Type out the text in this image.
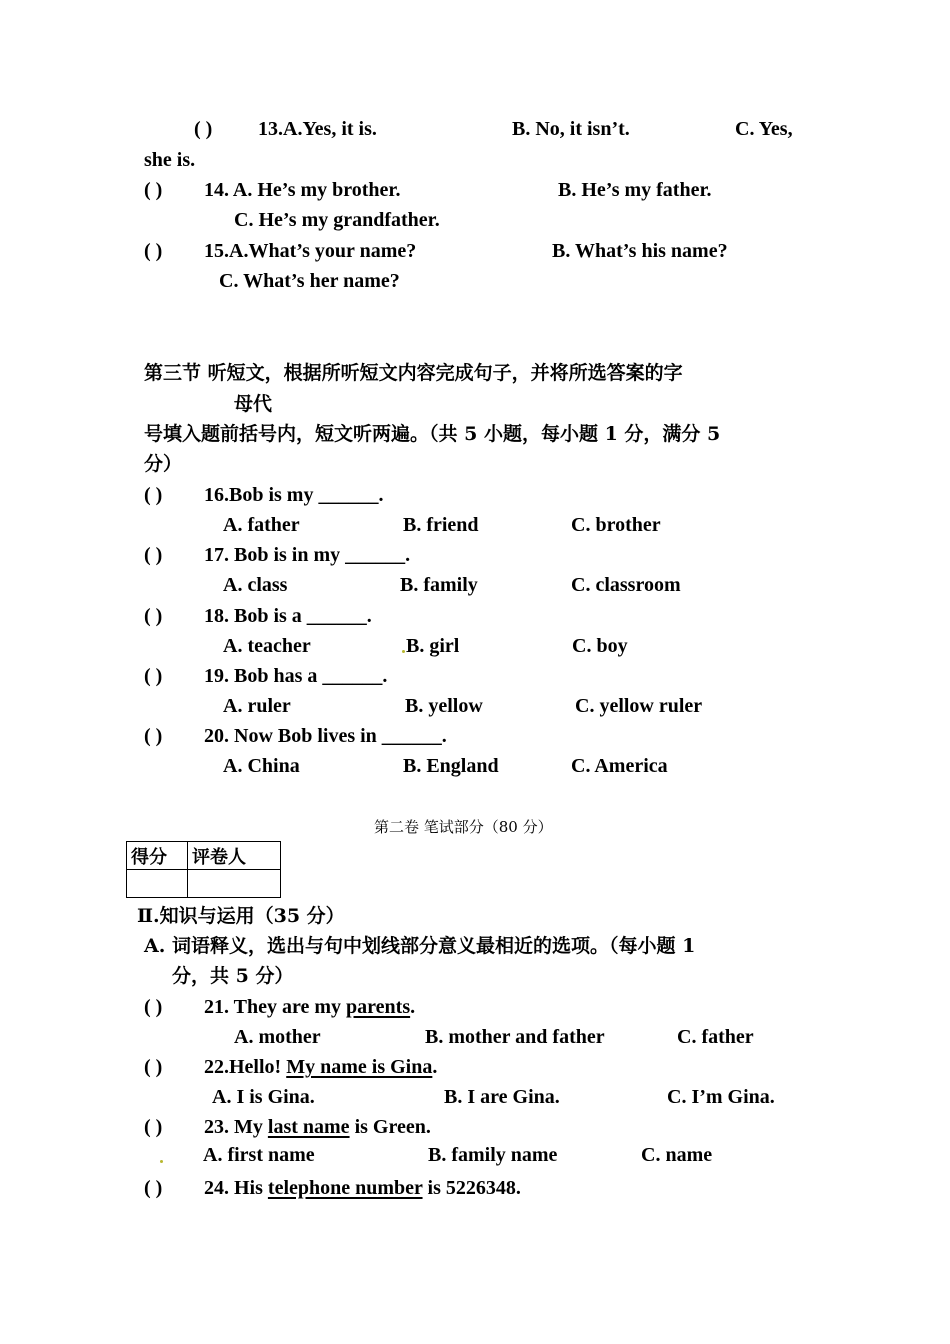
( ) 13.A.Yes, it is.	B. No, it isn’t.	C. Yes,
she is.
( ) 14. A. He’s my brother.	B. He’s my father.
C. He’s my grandfather.
( ) 15.A.What’s your name?	B. What’s his name?
C. What’s her name?
第三节 听短文，根据所听短文内容完成句子，并将所选答案的字
母代
号填入题前括号内，短文听两遍。（共 5 小题，每小题 1 分，满分 5
分）
( ) 16.Bob is my ______.
A. father	B. friend	C. brother
( ) 17. Bob is in my ______.
A. class	B. family	C. classroom
( ) 18. Bob is a ______.
A. teacher	B. girl	C. boy
( ) 19. Bob has a ______.
A. ruler	B. yellow	C. yellow ruler
( ) 20. Now Bob lives in ______.
A. China	B. England	C. America
第二卷 笔试部分（80 分）
得分	评卷人

Ⅱ.知识与运用（35 分）
A. 词语释义，选出与句中划线部分意义最相近的选项。（每小题 1
分，共 5 分）
( ) 21. They are my parents.
A. mother	B. mother and father	C. father
( ) 22.Hello! My name is Gina.
A. I is Gina.	B. I are Gina.	C. I’m Gina.
( ) 23. My last name is Green.
A. first name	B. family name	C. name
( ) 24. His telephone number is 5226348.
